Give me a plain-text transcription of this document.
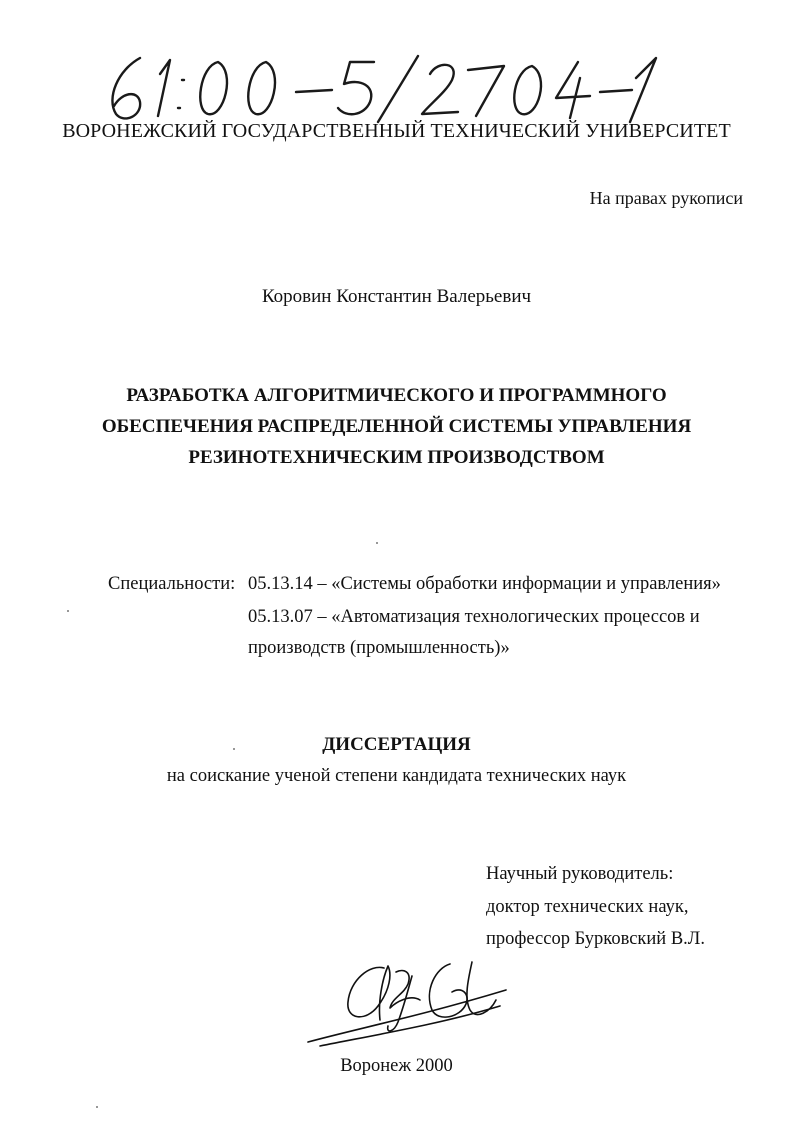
ВОРОНЕЖСКИЙ ГОСУДАРСТВЕННЫЙ ТЕХНИЧЕСКИЙ УНИВЕРСИТЕТ
На правах рукописи
Коровин Константин Валерьевич
РАЗРАБОТКА АЛГОРИТМИЧЕСКОГО И ПРОГРАММНОГО
ОБЕСПЕЧЕНИЯ РАСПРЕДЕЛЕННОЙ СИСТЕМЫ УПРАВЛЕНИЯ
РЕЗИНОТЕХНИЧЕСКИМ ПРОИЗВОДСТВОМ
Специальности: 05.13.14 – «Системы обработки информации и управления»
05.13.07 – «Автоматизация технологических процессов и
производств (промышленность)»
ДИССЕРТАЦИЯ
на соискание ученой степени кандидата технических наук
Научный руководитель:
доктор технических наук,
профессор Бурковский В.Л.
Воронеж 2000
